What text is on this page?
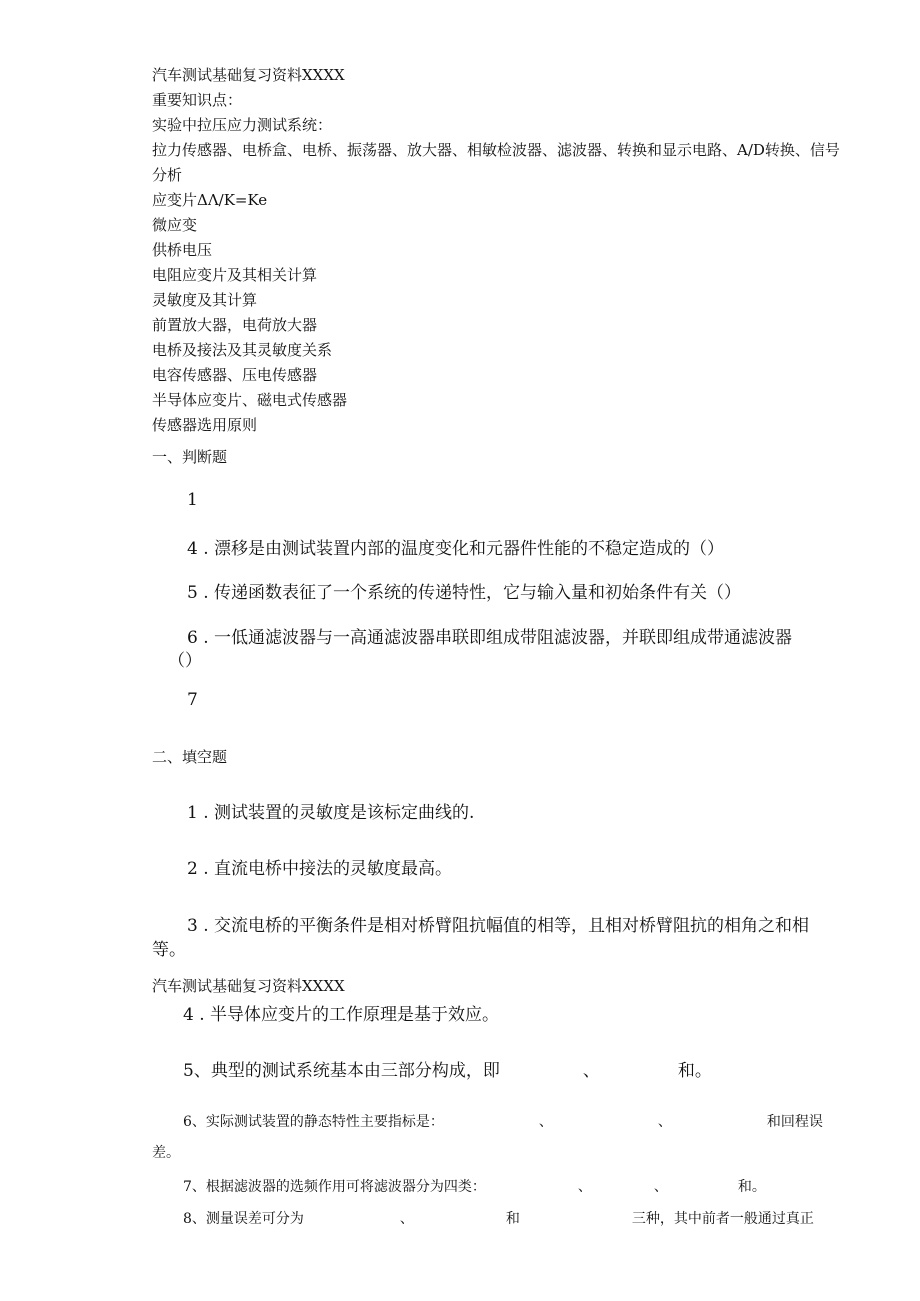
汽车测试基础复习资料XXXX
重要知识点：
实验中拉压应力测试系统：
拉力传感器、电桥盒、电桥、振荡器、放大器、相敏检波器、滤波器、转换和显示电路、A/D转换、信号
分析
应变片ΔΛ/K=Ke
微应变
供桥电压
电阻应变片及其相关计算
灵敏度及其计算
前置放大器，电荷放大器
电桥及接法及其灵敏度关系
电容传感器、压电传感器
半导体应变片、磁电式传感器
传感器选用原则
一、判断题
1
4 . 漂移是由测试装置内部的温度变化和元器件性能的不稳定造成的（）
5 . 传递函数表征了一个系统的传递特性，它与输入量和初始条件有关（）
6 . 一低通滤波器与一高通滤波器串联即组成带阻滤波器，并联即组成带通滤波器
（）
7
二、填空题
1 . 测试装置的灵敏度是该标定曲线的.
2 . 直流电桥中接法的灵敏度最高。
3 . 交流电桥的平衡条件是相对桥臂阻抗幅值的相等，且相对桥臂阻抗的相角之和相
等。
汽车测试基础复习资料XXXX
4 . 半导体应变片的工作原理是基于效应。
5、典型的测试系统基本由三部分构成，即	、	和。
6、实际测试装置的静态特性主要指标是：	、	、	和回程误
差。
7、根据滤波器的选频作用可将滤波器分为四类：	、	、	和。
8、测量误差可分为	、	和	三种，其中前者一般通过真正
